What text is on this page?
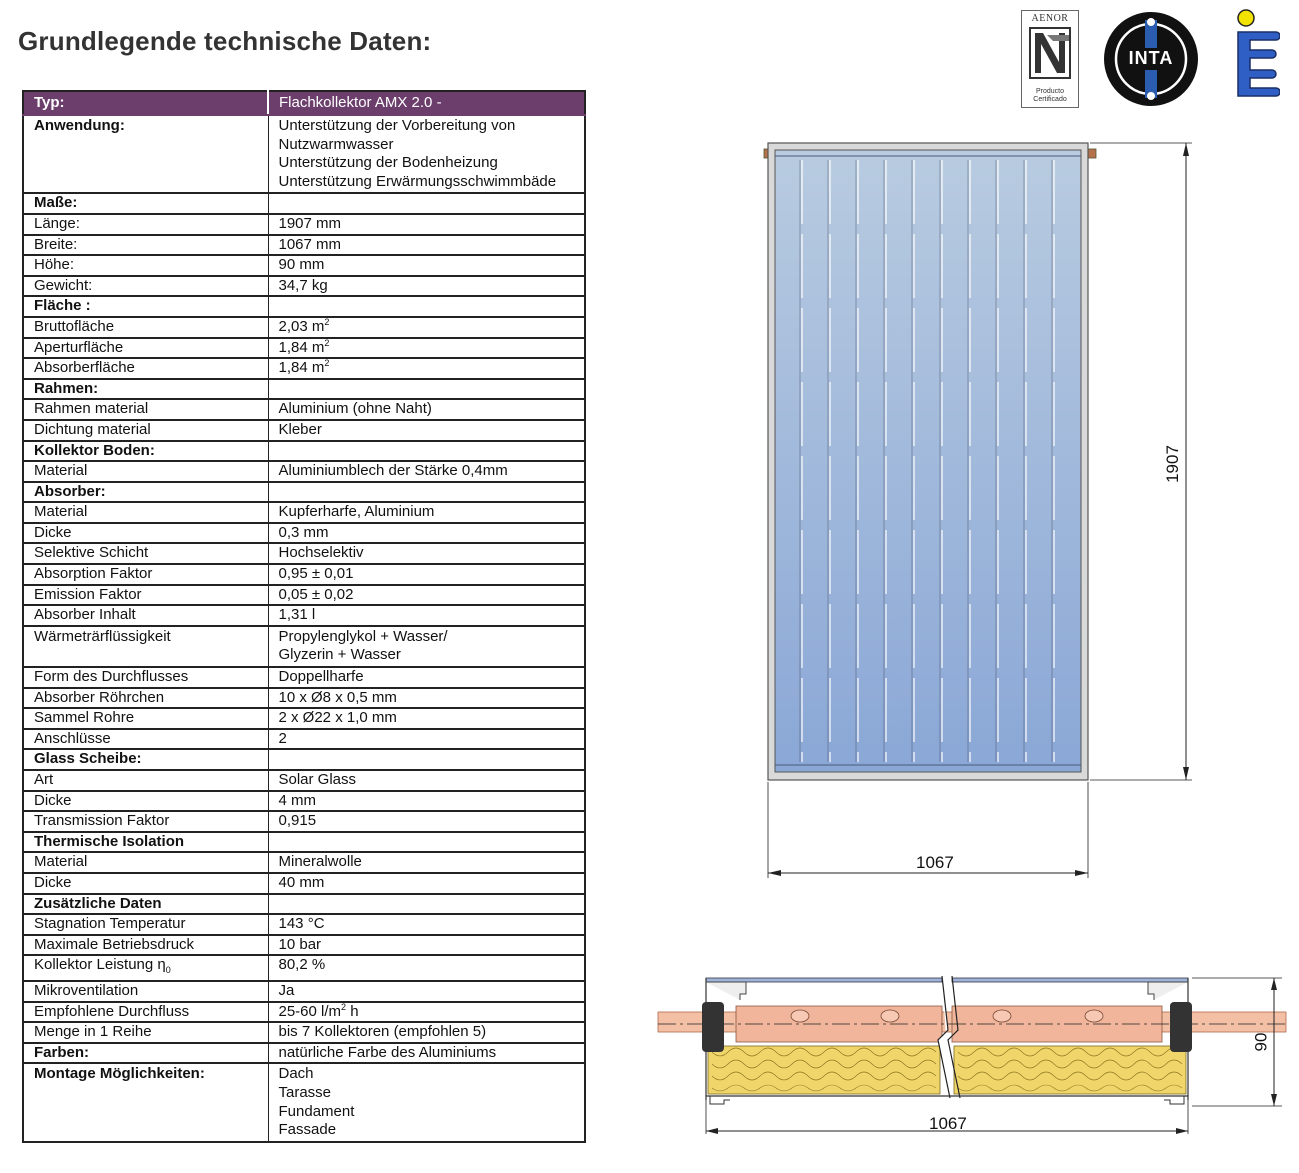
Grundlegende technische Daten:
Typ:	Flachkollektor AMX 2.0 -
Anwendung:	Unterstützung der Vorbereitung von
Nutzwarmwasser
Unterstützung der Bodenheizung
Unterstützung Erwärmungsschwimmbäde

Maße:	
Länge:	1907 mm
Breite:	1067 mm
Höhe:	90 mm
Gewicht:	34,7 kg
Fläche :	
Bruttofläche	2,03 $m^2$
Aperturfläche	1,84 $m^2$
Absorberfläche	1,84 $m^2$
Rahmen:	
Rahmen material	Aluminium (ohne Naht)
Dichtung material	Kleber
Kollektor Boden:	
Material	Aluminiumblech der Stärke 0,4mm
Absorber:	
Material	Kupferharfe, Aluminium
Dicke	0,3 mm
Selektive Schicht	Hochselektiv
Absorption Faktor	0,95 ± 0,01
Emission Faktor	0,05 ± 0,02
Absorber Inhalt	1,31 l
Wärmeträrflüssigkeit	Propylenglykol + Wasser/
Glyzerin + Wasser

Form des Durchflusses	Doppellharfe
Absorber Röhrchen	10 x Ø8 x 0,5 mm
Sammel Rohre	2 x Ø22 x 1,0 mm
Anschlüsse	2
Glass Scheibe:	
Art	Solar Glass
Dicke	4 mm
Transmission Faktor	0,915
Thermische Isolation	
Material	Mineralwolle
Dicke	40 mm
Zusätzliche Daten	
Stagnation Temperatur	143 °C
Maximale Betriebsdruck	10 bar
Kollektor Leistung $\eta_0$	80,2 %
Mikroventilation	Ja
Empfohlene Durchfluss	25-60 $l/m^2$ h
Menge in 1 Reihe	bis 7 Kollektoren (empfohlen 5)
Farben:	natürliche Farbe des Aluminiums
Montage Möglichkeiten:	Dach
Tarasse
Fundament
Fassade
AENOR
Producto
Certificado
INTA
1067
1907
1067
90
